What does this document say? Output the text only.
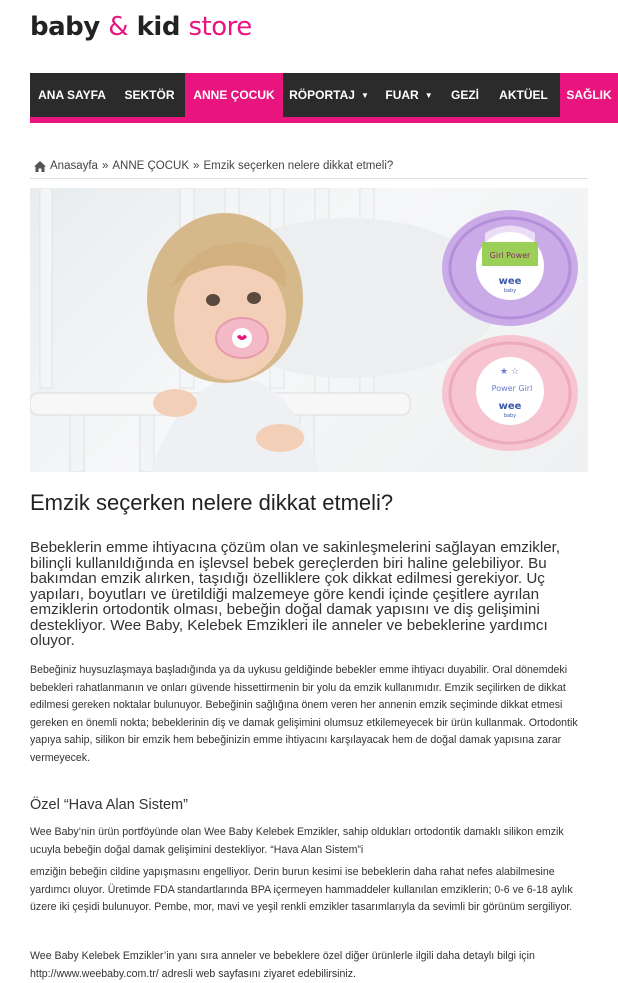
baby & kid store
ANA SAYFA SEKTÖR ANNE ÇOCUK RÖPORTAJ ▼ FUAR ▼ GEZİ AKTÜEL SAĞLIK
Anasayfa » ANNE ÇOCUK » Emzik seçerken nelere dikkat etmeli?
Girl Power
wee
baby
★ ☆
Power Girl
wee
baby
Emzik seçerken nelere dikkat etmeli?

Bebeklerin emme ihtiyacına çözüm olan ve sakinleşmelerini sağlayan emzikler, bilinçli kullanıldığında en işlevsel bebek gereçlerden biri haline gelebiliyor. Bu bakımdan emzik alırken, taşıdığı özelliklere çok dikkat edilmesi gerekiyor. Uç yapıları, boyutları ve üretildiği malzemeye göre kendi içinde çeşitlere ayrılan emziklerin ortodontik olması, bebeğin doğal damak yapısını ve diş gelişimini destekliyor. Wee Baby, Kelebek Emzikleri ile anneler ve bebeklerine yardımcı oluyor.

Bebeğiniz huysuzlaşmaya başladığında ya da uykusu geldiğinde bebekler emme ihtiyacı duyabilir. Oral dönemdeki bebekleri rahatlanmanın ve onları güvende hissettirmenin bir yolu da emzik kullanımıdır. Emzik seçilirken de dikkat edilmesi gereken noktalar bulunuyor. Bebeğinin sağlığına önem veren her annenin emzik seçiminde dikkat etmesi gereken en önemli nokta; bebeklerinin diş ve damak gelişimini olumsuz etkilemeyecek bir ürün kullanmak. Ortodontik yapıya sahip, silikon bir emzik hem bebeğinizin emme ihtiyacını karşılayacak hem de doğal damak yapısına zarar vermeyecek.

Özel “Hava Alan Sistem”

Wee Baby’nin ürün portföyünde olan Wee Baby Kelebek Emzikler, sahip oldukları ortodontik damaklı silikon emzik ucuyla bebeğin doğal damak gelişimini destekliyor. “Hava Alan Sistem”i

emziğin bebeğin cildine yapışmasını engelliyor. Derin burun kesimi ise bebeklerin daha rahat nefes alabilmesine yardımcı oluyor. Üretimde FDA standartlarında BPA içermeyen hammaddeler kullanılan emziklerin; 0-6 ve 6-18 aylık üzere iki çeşidi bulunuyor. Pembe, mor, mavi ve yeşil renkli emzikler tasarımlarıyla da sevimli bir görünüm sergiliyor.

Wee Baby Kelebek Emzikler’in yanı sıra anneler ve bebeklere özel diğer ürünlerle ilgili daha detaylı bilgi için http://www.weebaby.com.tr/ adresli web sayfasını ziyaret edebilirsiniz.
